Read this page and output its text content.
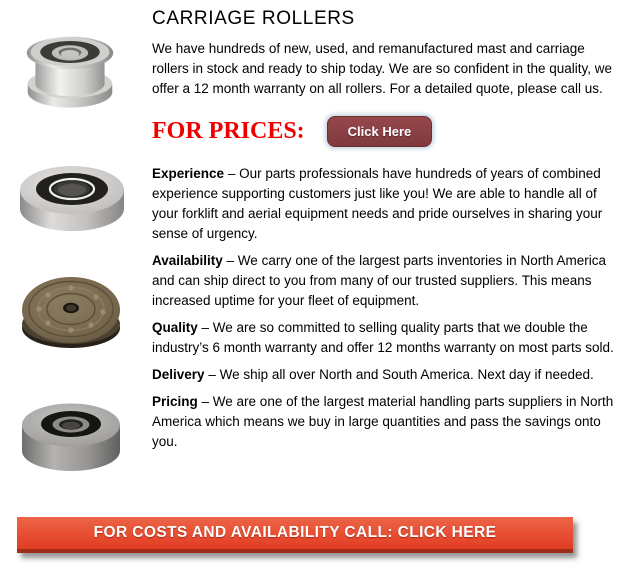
CARRIAGE ROLLERS

We have hundreds of new, used, and remanufactured mast and carriage rollers in stock and ready to ship today. We are so confident in the quality, we offer a 12 month warranty on all rollers. For a detailed quote, please call us.

FOR PRICES:	Click Here

Experience – Our parts professionals have hundreds of years of combined experience supporting customers just like you! We are able to handle all of your forklift and aerial equipment needs and pride ourselves in sharing your sense of urgency.

Availability – We carry one of the largest parts inventories in North America and can ship direct to you from many of our trusted suppliers. This means increased uptime for your fleet of equipment.

Quality – We are so committed to selling quality parts that we double the industry’s 6 month warranty and offer 12 months warranty on most parts sold.

Delivery – We ship all over North and South America. Next day if needed.

Pricing – We are one of the largest material handling parts suppliers in North America which means we buy in large quantities and pass the savings onto you.

FOR COSTS AND AVAILABILITY CALL: CLICK HERE
